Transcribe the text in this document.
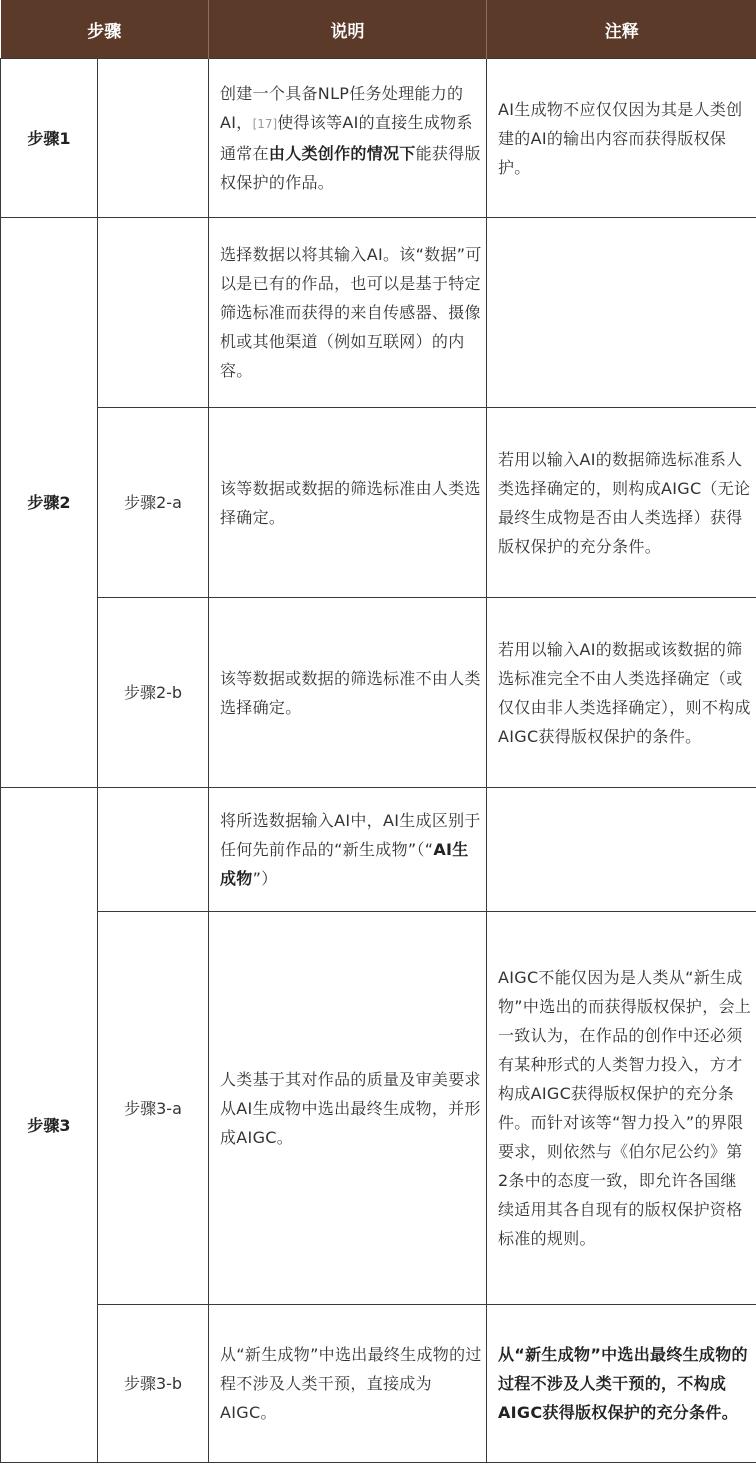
步骤		说明	注释
步骤1		创建一个具备NLP任务处理能力的AI，[17]使得该等AI的直接生成物系通常在由人类创作的情况下能获得版权保护的作品。	AI生成物不应仅仅因为其是人类创建的AI的输出内容而获得版权保护。
步骤2		选择数据以将其输入AI。该“数据”可以是已有的作品，也可以是基于特定筛选标准而获得的来自传感器、摄像机或其他渠道（例如互联网）的内容。	
	步骤2-a	该等数据或数据的筛选标准由人类选择确定。	若用以输入AI的数据筛选标准系人类选择确定的，则构成AIGC（无论最终生成物是否由人类选择）获得版权保护的充分条件。
	步骤2-b	该等数据或数据的筛选标准不由人类选择确定。	若用以输入AI的数据或该数据的筛选标准完全不由人类选择确定（或仅仅由非人类选择确定），则不构成AIGC获得版权保护的条件。
步骤3		将所选数据输入AI中，AI生成区别于任何先前作品的“新生成物”（“AI生成物”）	
	步骤3-a	人类基于其对作品的质量及审美要求从AI生成物中选出最终生成物，并形成AIGC。	AIGC不能仅因为是人类从“新生成物”中选出的而获得版权保护，会上一致认为，在作品的创作中还必须有某种形式的人类智力投入，方才构成AIGC获得版权保护的充分条件。而针对该等“智力投入”的界限要求，则依然与《伯尔尼公约》第2条中的态度一致，即允许各国继续适用其各自现有的版权保护资格标准的规则。
	步骤3-b	从“新生成物”中选出最终生成物的过程不涉及人类干预，直接成为AIGC。	从“新生成物”中选出最终生成物的过程不涉及人类干预的，不构成AIGC获得版权保护的充分条件。
